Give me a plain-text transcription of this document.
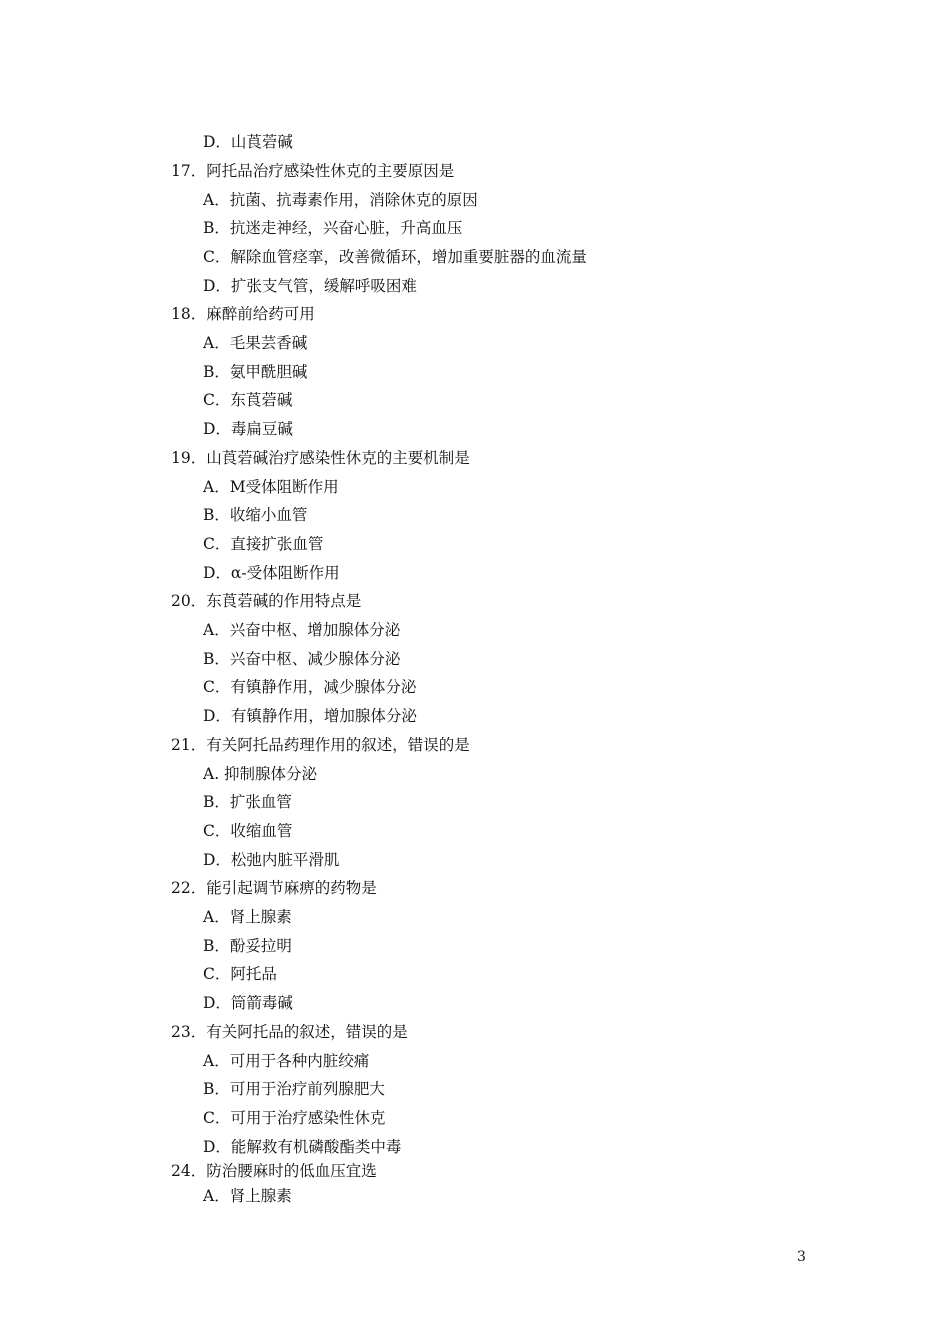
D．山莨菪碱
17．阿托品治疗感染性休克的主要原因是
A．抗菌、抗毒素作用，消除休克的原因
B．抗迷走神经，兴奋心脏，升高血压
C．解除血管痉挛，改善微循环，增加重要脏器的血流量
D．扩张支气管，缓解呼吸困难
18．麻醉前给药可用
A．毛果芸香碱
B．氨甲酰胆碱
C．东莨菪碱
D．毒扁豆碱
19．山莨菪碱治疗感染性休克的主要机制是
A．M受体阻断作用
B．收缩小血管
C．直接扩张血管
D．α-受体阻断作用
20．东莨菪碱的作用特点是
A．兴奋中枢、增加腺体分泌
B．兴奋中枢、减少腺体分泌
C．有镇静作用，减少腺体分泌
D．有镇静作用，增加腺体分泌
21．有关阿托品药理作用的叙述，错误的是
A. 抑制腺体分泌
B．扩张血管
C．收缩血管
D．松弛内脏平滑肌
22．能引起调节麻痹的药物是
A．肾上腺素
B．酚妥拉明
C．阿托品
D．筒箭毒碱
23．有关阿托品的叙述，错误的是
A．可用于各种内脏绞痛
B．可用于治疗前列腺肥大
C．可用于治疗感染性休克
D．能解救有机磷酸酯类中毒
24．防治腰麻时的低血压宜选
A．肾上腺素
3
